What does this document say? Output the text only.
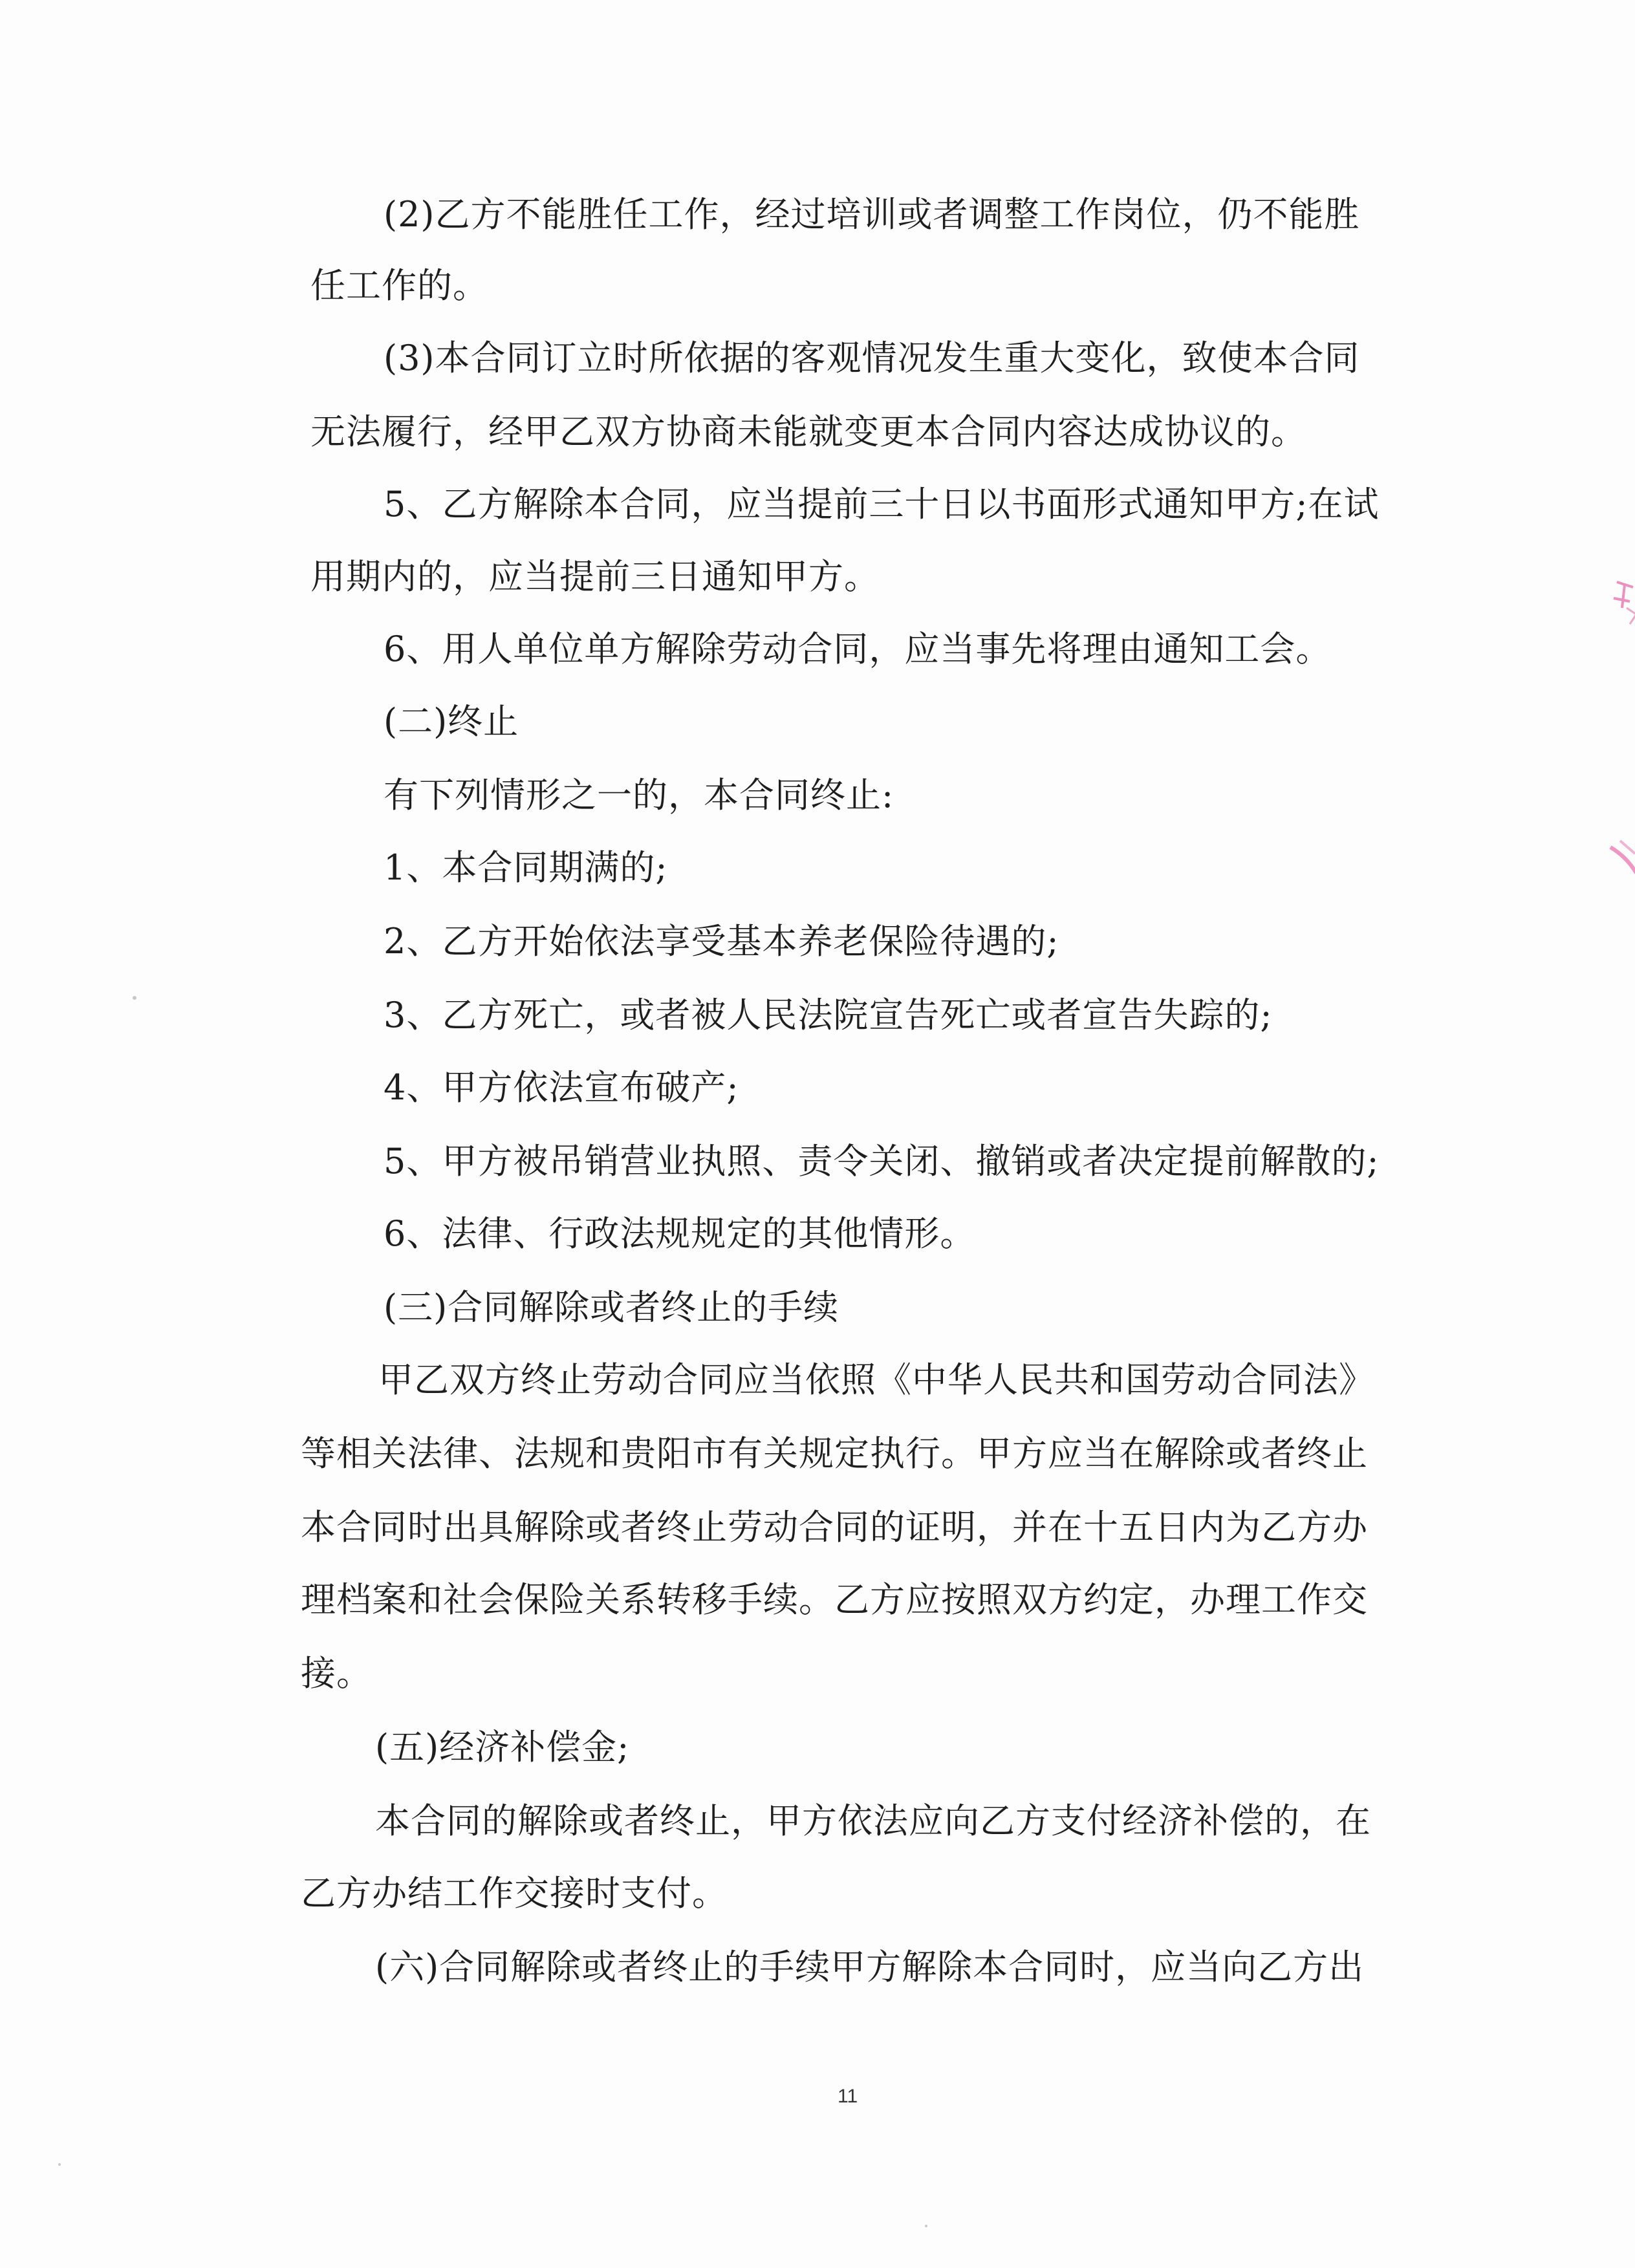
(2)乙方不能胜任工作，经过培训或者调整工作岗位，仍不能胜
任工作的。
(3)本合同订立时所依据的客观情况发生重大变化，致使本合同
无法履行，经甲乙双方协商未能就变更本合同内容达成协议的。
5、乙方解除本合同，应当提前三十日以书面形式通知甲方;在试
用期内的，应当提前三日通知甲方。
6、用人单位单方解除劳动合同，应当事先将理由通知工会。
(二)终止
有下列情形之一的，本合同终止:
1、本合同期满的;
2、乙方开始依法享受基本养老保险待遇的;
3、乙方死亡，或者被人民法院宣告死亡或者宣告失踪的;
4、甲方依法宣布破产;
5、甲方被吊销营业执照、责令关闭、撤销或者决定提前解散的;
6、法律、行政法规规定的其他情形。
(三)合同解除或者终止的手续
甲乙双方终止劳动合同应当依照《中华人民共和国劳动合同法》
等相关法律、法规和贵阳市有关规定执行。甲方应当在解除或者终止
本合同时出具解除或者终止劳动合同的证明，并在十五日内为乙方办
理档案和社会保险关系转移手续。乙方应按照双方约定，办理工作交
接。
(五)经济补偿金;
本合同的解除或者终止，甲方依法应向乙方支付经济补偿的，在
乙方办结工作交接时支付。
(六)合同解除或者终止的手续甲方解除本合同时，应当向乙方出
11
